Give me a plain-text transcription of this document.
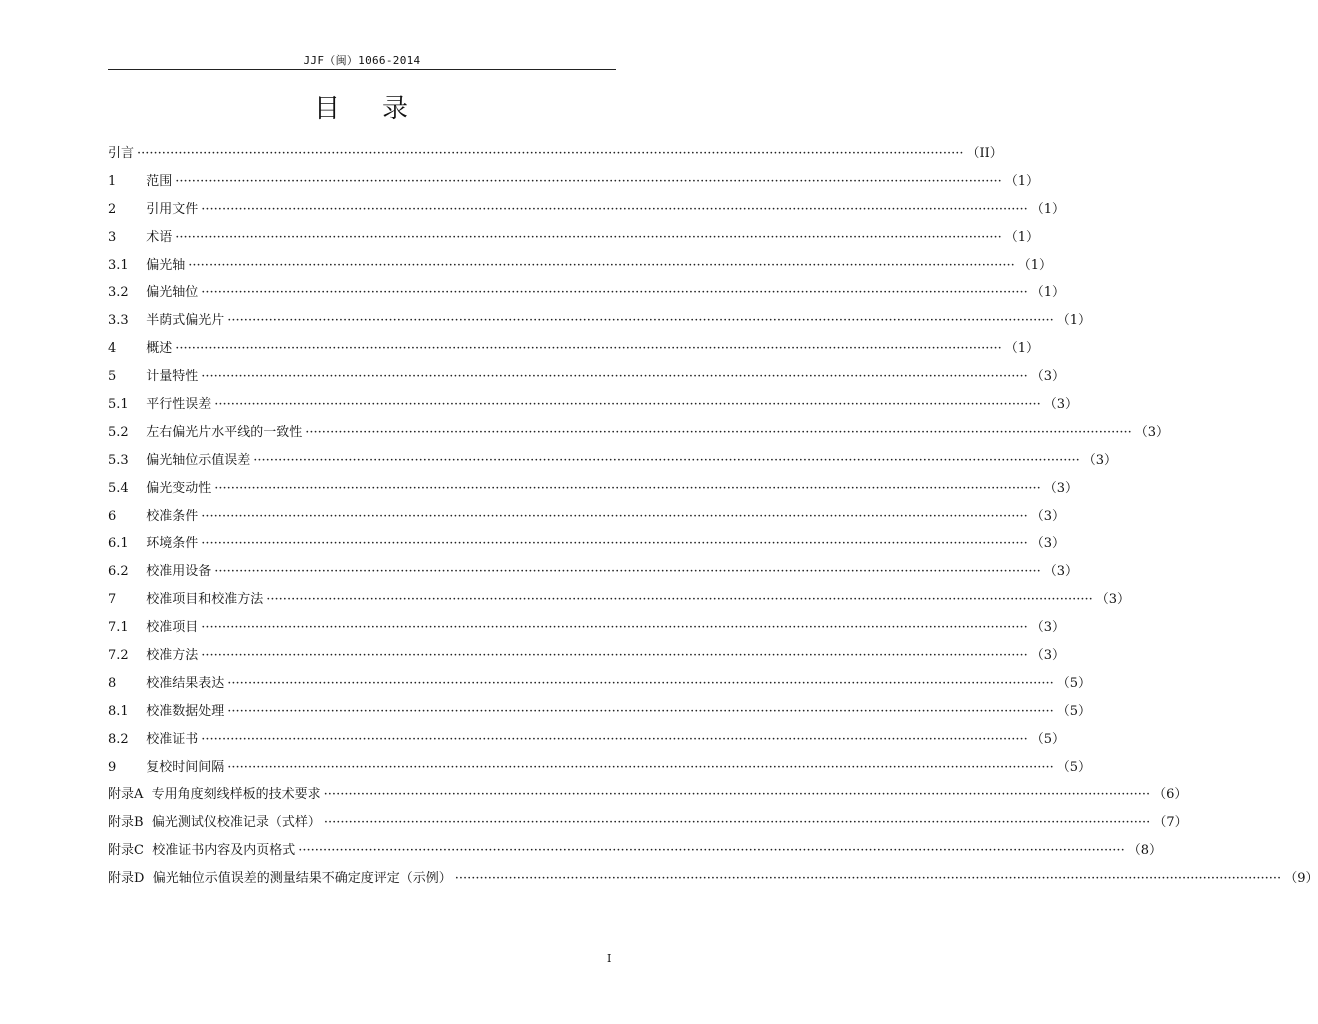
JJF（闽）1066-2014
目 录
引言 ········································································································································································································ （II）
1 范围 ········································································································································································································ （1）
2 引用文件 ········································································································································································································ （1）
3 术语 ········································································································································································································ （1）
3.1 偏光轴 ········································································································································································································ （1）
3.2 偏光轴位 ········································································································································································································ （1）
3.3 半荫式偏光片 ········································································································································································································ （1）
4 概述 ········································································································································································································ （1）
5 计量特性 ········································································································································································································ （3）
5.1 平行性误差 ········································································································································································································ （3）
5.2 左右偏光片水平线的一致性 ········································································································································································································ （3）
5.3 偏光轴位示值误差 ········································································································································································································ （3）
5.4 偏光变动性 ········································································································································································································ （3）
6 校准条件 ········································································································································································································ （3）
6.1 环境条件 ········································································································································································································ （3）
6.2 校准用设备 ········································································································································································································ （3）
7 校准项目和校准方法 ········································································································································································································ （3）
7.1 校准项目 ········································································································································································································ （3）
7.2 校准方法 ········································································································································································································ （3）
8 校准结果表达 ········································································································································································································ （5）
8.1 校准数据处理 ········································································································································································································ （5）
8.2 校准证书 ········································································································································································································ （5）
9 复校时间间隔 ········································································································································································································ （5）
附录A 专用角度刻线样板的技术要求 ········································································································································································································ （6）
附录B 偏光测试仪校准记录（式样） ········································································································································································································ （7）
附录C 校准证书内容及内页格式 ········································································································································································································ （8）
附录D 偏光轴位示值误差的测量结果不确定度评定（示例） ········································································································································································································ （9）
I
